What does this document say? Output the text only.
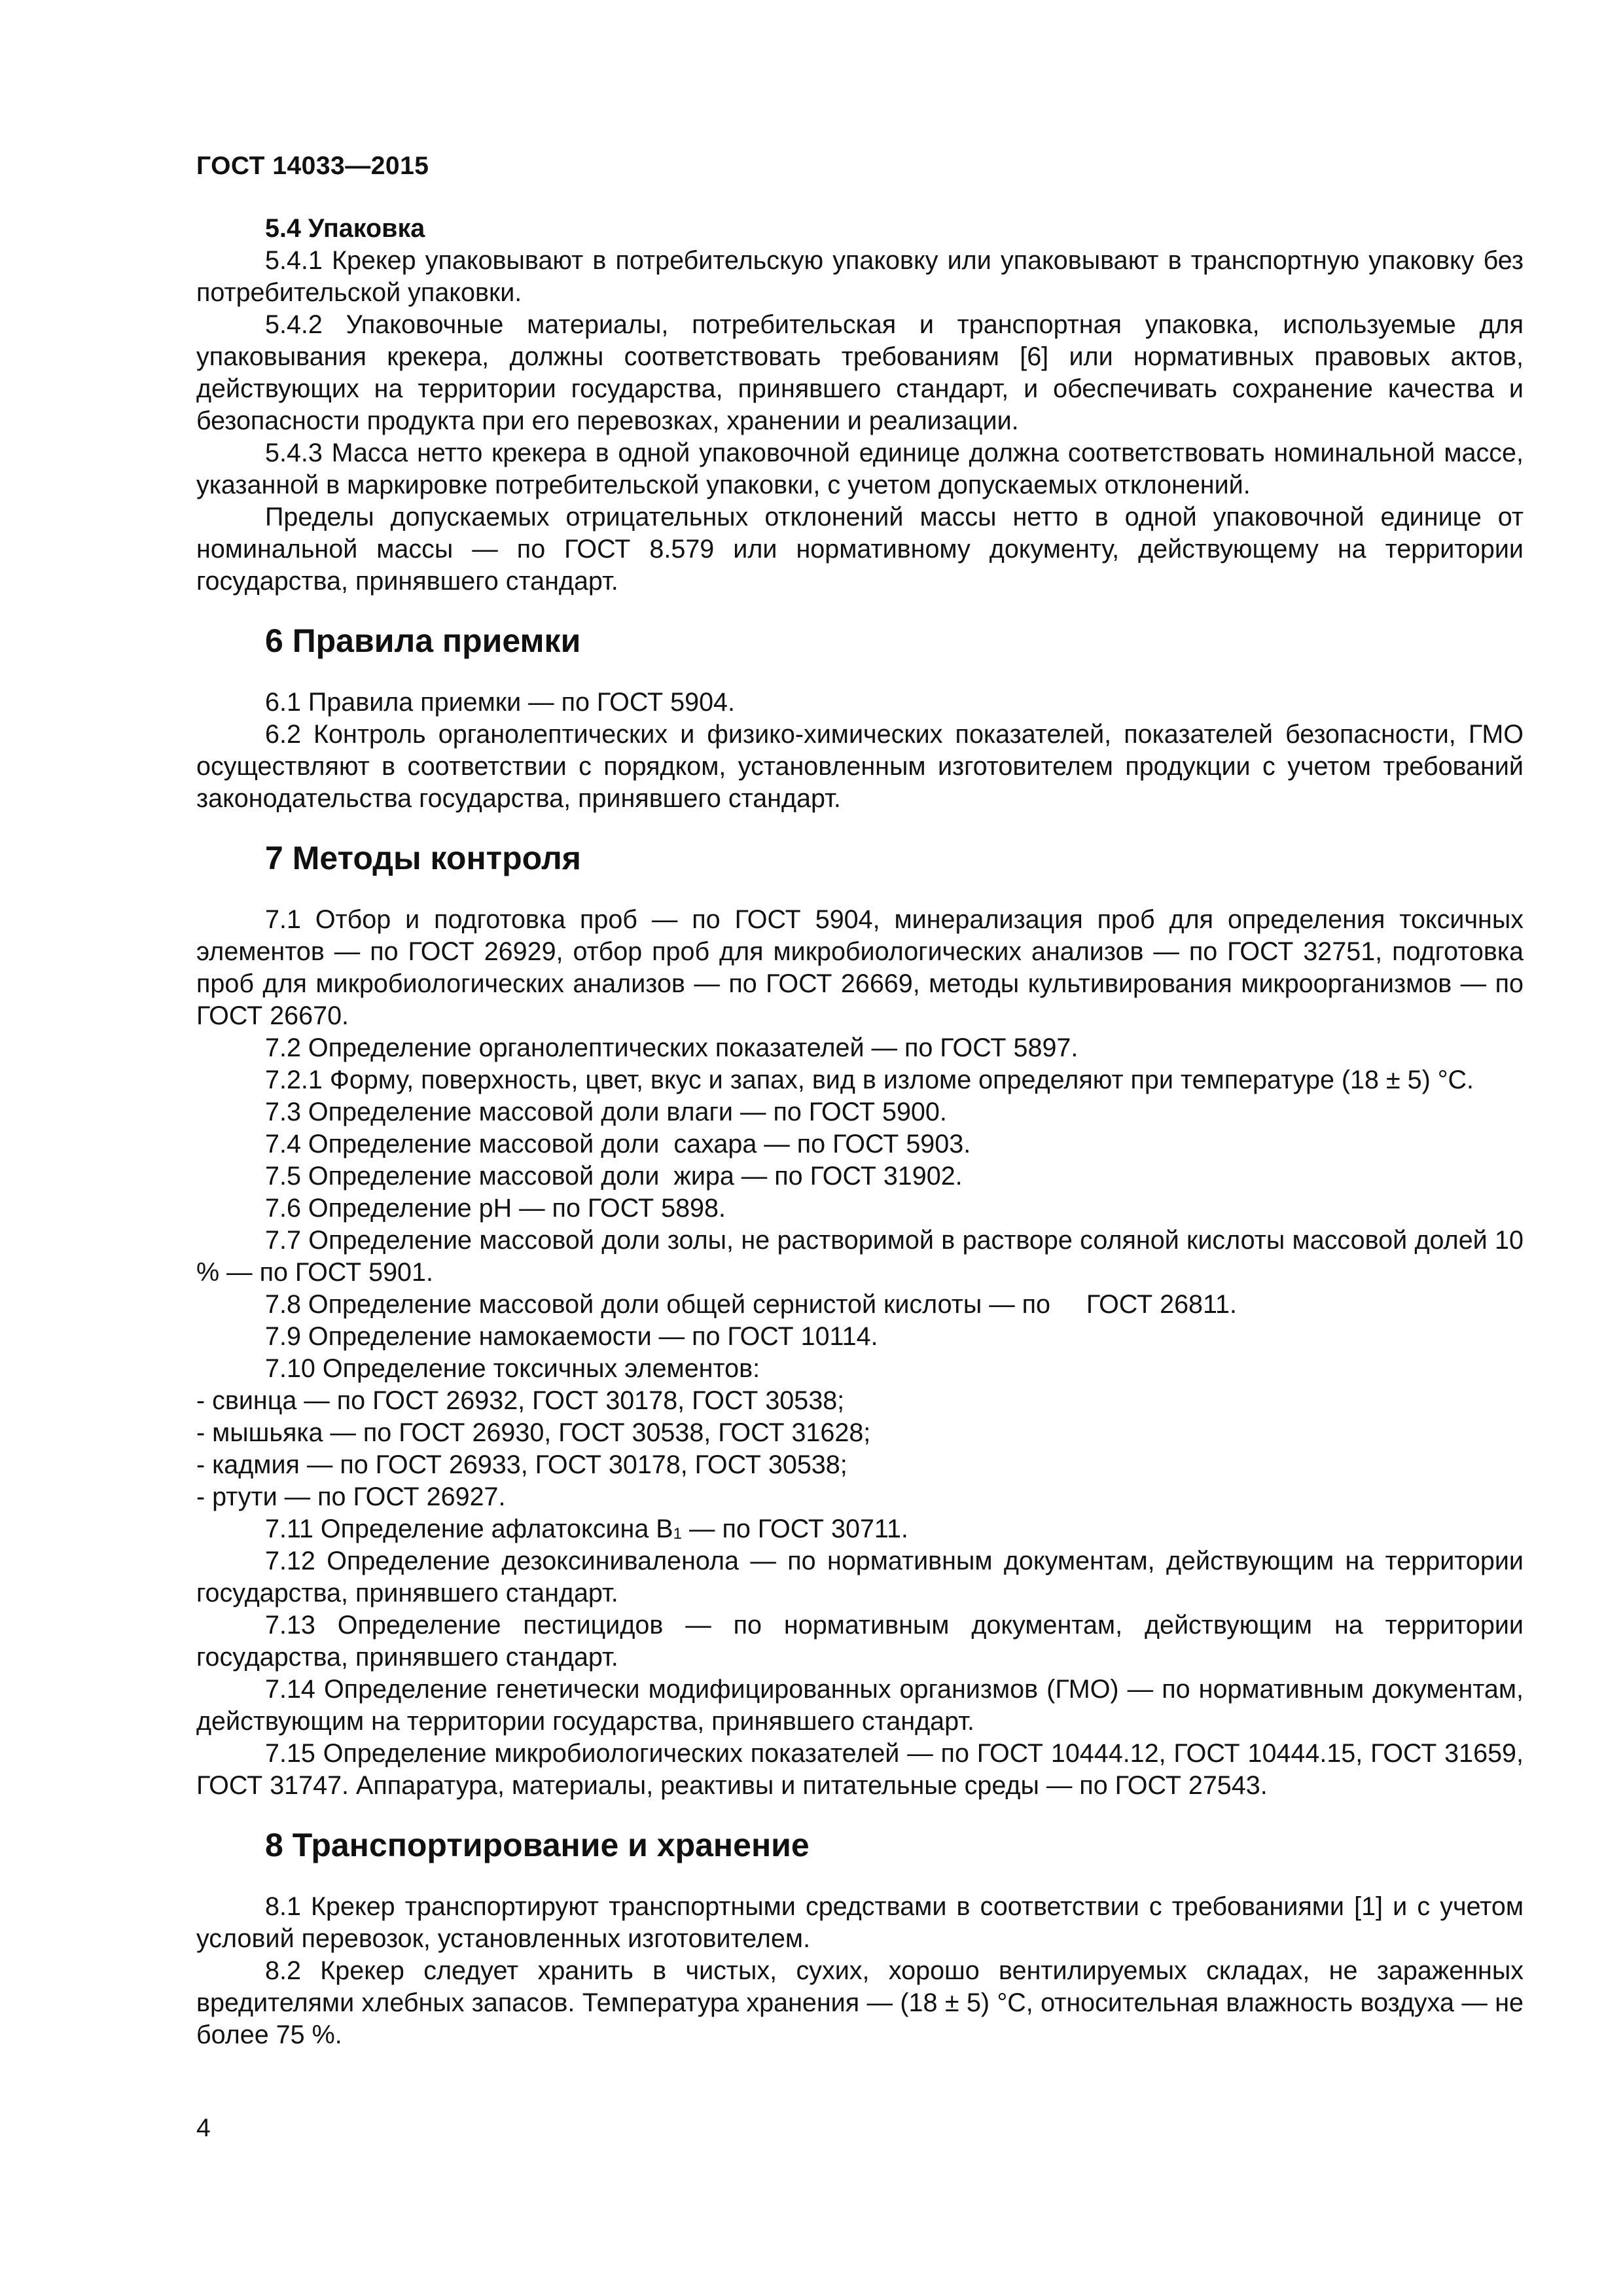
ГОСТ 14033—2015

5.4 Упаковка

5.4.1 Крекер упаковывают в потребительскую упаковку или упаковывают в транспортную упаковку без потребительской упаковки.

5.4.2 Упаковочные материалы, потребительская и транспортная упаковка, используемые для упаковывания крекера, должны соответствовать требованиям [6] или нормативных правовых актов, действующих на территории государства, принявшего стандарт, и обеспечивать сохранение качества и безопасности продукта при его перевозках, хранении и реализации.

5.4.3 Масса нетто крекера в одной упаковочной единице должна соответствовать номинальной массе, указанной в маркировке потребительской упаковки, с учетом допускаемых отклонений.

Пределы допускаемых отрицательных отклонений массы нетто в одной упаковочной единице от номинальной массы — по ГОСТ 8.579 или нормативному документу, действующему на территории государства, принявшего стандарт.

6 Правила приемки

6.1 Правила приемки — по ГОСТ 5904.

6.2 Контроль органолептических и физико-химических показателей, показателей безопасности, ГМО осуществляют в соответствии с порядком, установленным изготовителем продукции с учетом требований законодательства государства, принявшего стандарт.

7 Методы контроля

7.1 Отбор и подготовка проб — по ГОСТ 5904, минерализация проб для определения токсичных элементов — по ГОСТ 26929, отбор проб для микробиологических анализов — по ГОСТ 32751, подготовка проб для микробиологических анализов — по ГОСТ 26669, методы культивирования микроорганизмов — по ГОСТ 26670.

7.2 Определение органолептических показателей — по ГОСТ 5897.

7.2.1 Форму, поверхность, цвет, вкус и запах, вид в изломе определяют при температуре (18 ± 5) °С.

7.3 Определение массовой доли влаги — по ГОСТ 5900.

7.4 Определение массовой доли  сахара — по ГОСТ 5903.

7.5 Определение массовой доли  жира — по ГОСТ 31902.

7.6 Определение рН — по ГОСТ 5898.

7.7 Определение массовой доли золы, не растворимой в растворе соляной кислоты массовой долей 10 % — по ГОСТ 5901.

7.8 Определение массовой доли общей сернистой кислоты — по     ГОСТ 26811.

7.9 Определение намокаемости — по ГОСТ 10114.

7.10 Определение токсичных элементов:

- свинца — по ГОСТ 26932, ГОСТ 30178, ГОСТ 30538;

- мышьяка — по ГОСТ 26930, ГОСТ 30538, ГОСТ 31628;

- кадмия — по ГОСТ 26933, ГОСТ 30178, ГОСТ 30538;

- ртути — по ГОСТ 26927.

7.11 Определение афлатоксина $В_1$ — по ГОСТ 30711.

7.12 Определение дезоксиниваленола — по нормативным документам, действующим на территории государства, принявшего стандарт.

7.13 Определение пестицидов — по нормативным документам, действующим на территории государства, принявшего стандарт.

7.14 Определение генетически модифицированных организмов (ГМО) — по нормативным документам, действующим на территории государства, принявшего стандарт.

7.15 Определение микробиологических показателей — по ГОСТ 10444.12, ГОСТ 10444.15, ГОСТ 31659, ГОСТ 31747. Аппаратура, материалы, реактивы и питательные среды — по ГОСТ 27543.

8 Транспортирование и хранение

8.1 Крекер транспортируют транспортными средствами в соответствии с требованиями [1] и с учетом условий перевозок, установленных изготовителем.

8.2 Крекер следует хранить в чистых, сухих, хорошо вентилируемых складах, не зараженных вредителями хлебных запасов. Температура хранения — (18 ± 5) °С, относительная влажность воздуха — не более 75 %.

4
